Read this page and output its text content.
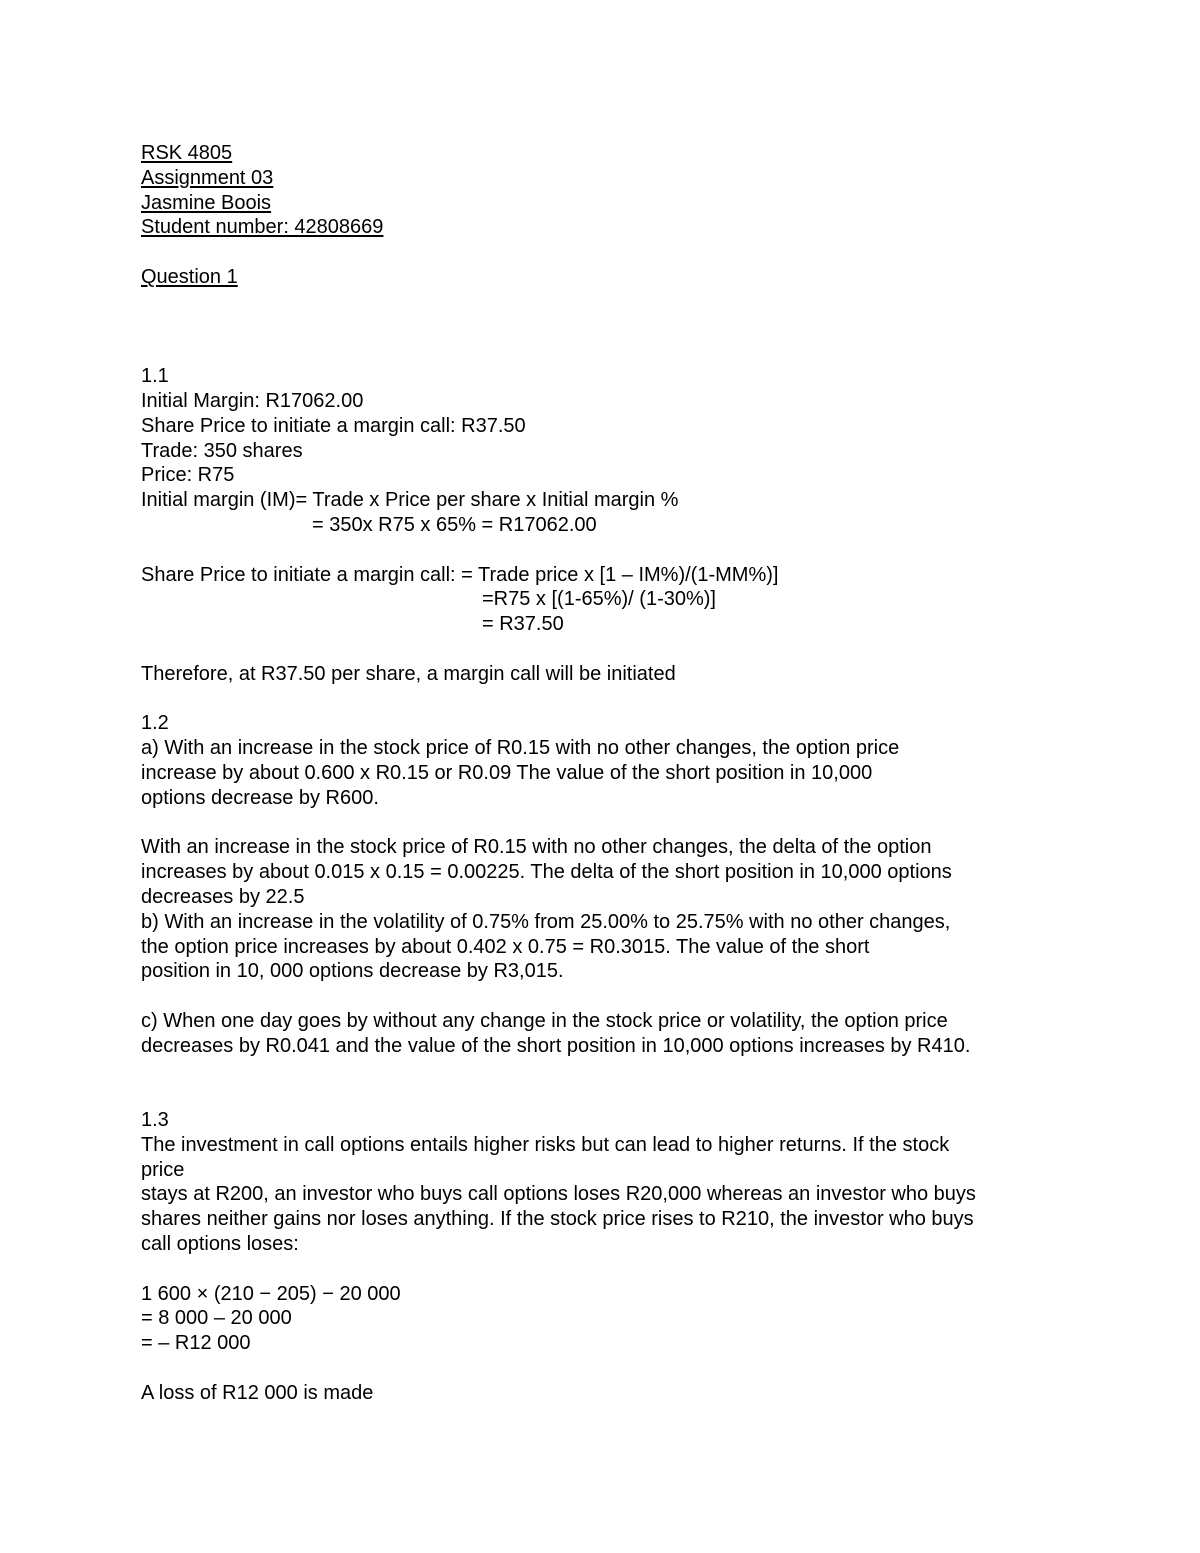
RSK 4805
Assignment 03
Jasmine Boois
Student number: 42808669
Question 1
1.1
Initial Margin: R17062.00
Share Price to initiate a margin call: R37.50
Trade: 350 shares
Price: R75
Initial margin (IM)= Trade x Price per share x Initial margin %
= 350x R75 x 65% = R17062.00
Share Price to initiate a margin call: = Trade price x [1 – IM%)/(1-MM%)]
=R75 x [(1-65%)/ (1-30%)]
= R37.50
Therefore, at R37.50 per share, a margin call will be initiated
1.2
a) With an increase in the stock price of R0.15 with no other changes, the option price
increase by about 0.600 x R0.15 or R0.09 The value of the short position in 10,000
options decrease by R600.
With an increase in the stock price of R0.15 with no other changes, the delta of the option
increases by about 0.015 x 0.15 = 0.00225. The delta of the short position in 10,000 options
decreases by 22.5
b) With an increase in the volatility of 0.75% from 25.00% to 25.75% with no other changes,
the option price increases by about 0.402 x 0.75 = R0.3015. The value of the short
position in 10, 000 options decrease by R3,015.
c) When one day goes by without any change in the stock price or volatility, the option price
decreases by R0.041 and the value of the short position in 10,000 options increases by R410.
1.3
The investment in call options entails higher risks but can lead to higher returns. If the stock
price
stays at R200, an investor who buys call options loses R20,000 whereas an investor who buys
shares neither gains nor loses anything. If the stock price rises to R210, the investor who buys
call options loses:
1 600 × (210 − 205) − 20 000
= 8 000 – 20 000
= – R12 000
A loss of R12 000 is made
